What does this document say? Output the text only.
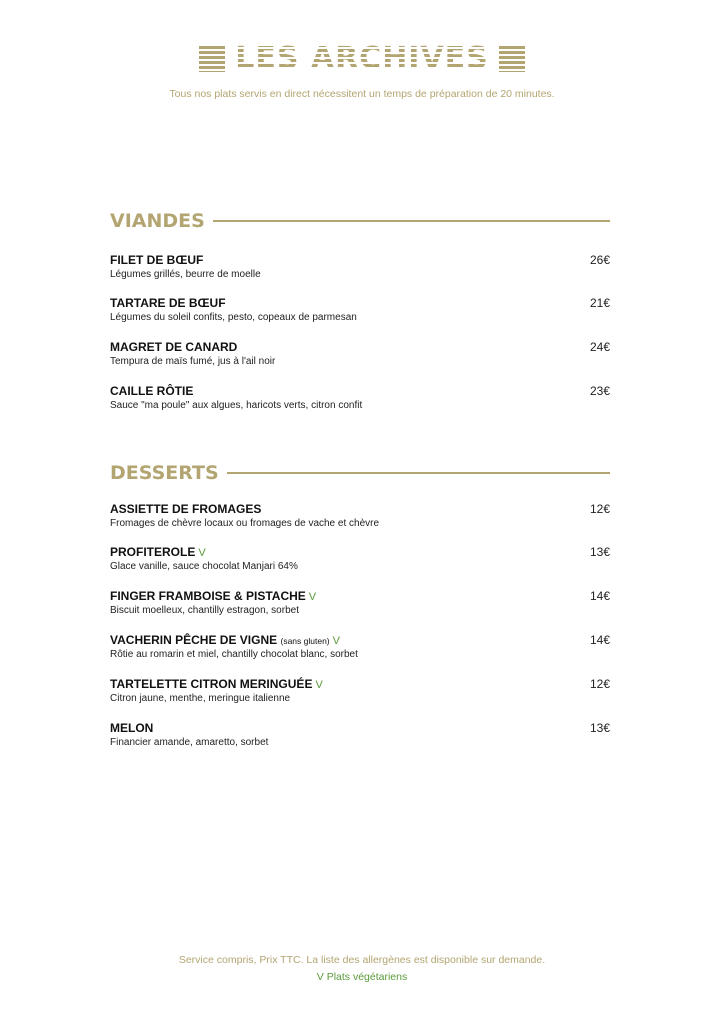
LES ARCHIVES
Tous nos plats servis en direct nécessitent un temps de préparation de 20 minutes.
VIANDES
FILET DE BŒUF
Légumes grillés, beurre de moelle
26€
TARTARE DE BŒUF
Légumes du soleil confits, pesto, copeaux de parmesan
21€
MAGRET DE CANARD
Tempura de maïs fumé, jus à l'ail noir
24€
CAILLE RÔTIE
Sauce "ma poule" aux algues, haricots verts, citron confit
23€
DESSERTS
ASSIETTE DE FROMAGES
Fromages de chèvre locaux ou fromages de vache et chèvre
12€
PROFITEROLE V
Glace vanille, sauce chocolat Manjari 64%
13€
FINGER FRAMBOISE & PISTACHE V
Biscuit moelleux, chantilly estragon, sorbet
14€
VACHERIN PÊCHE DE VIGNE (sans gluten) V
Rôtie au romarin et miel, chantilly chocolat blanc, sorbet
14€
TARTELETTE CITRON MERINGUÉE V
Citron jaune, menthe, meringue italienne
12€
MELON
Financier amande, amaretto, sorbet
13€
Service compris, Prix TTC. La liste des allergènes est disponible sur demande.
V Plats végétariens
